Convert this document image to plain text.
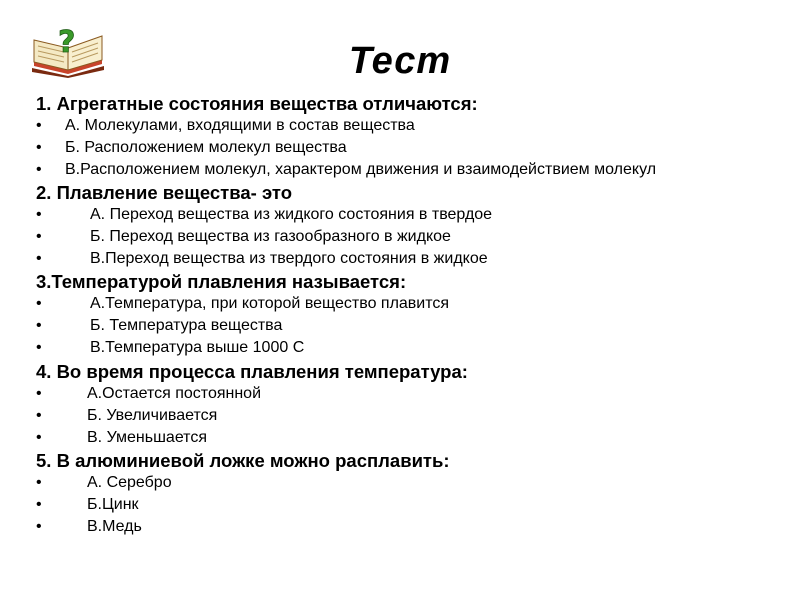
?	Тест

1. Агрегатные состояния вещества отличаются:

• А. Молекулами, входящими в состав вещества
• Б. Расположением молекул вещества
• В.Расположением молекул, характером движения и взаимодействием молекул

2. Плавление вещества- это

•	А. Переход вещества из жидкого состояния в твердое
•	Б. Переход вещества из газообразного в жидкое
•	В.Переход вещества из твердого состояния в жидкое

3.Температурой плавления называется:

•	А.Температура, при которой вещество плавится
•	Б. Температура вещества
•	В.Температура выше 1000 С

4. Во время процесса плавления температура:

•	А.Остается постоянной
•	Б. Увеличивается
•	В. Уменьшается

5. В алюминиевой ложке можно расплавить:

•	А. Серебро
•	Б.Цинк
•	В.Медь
